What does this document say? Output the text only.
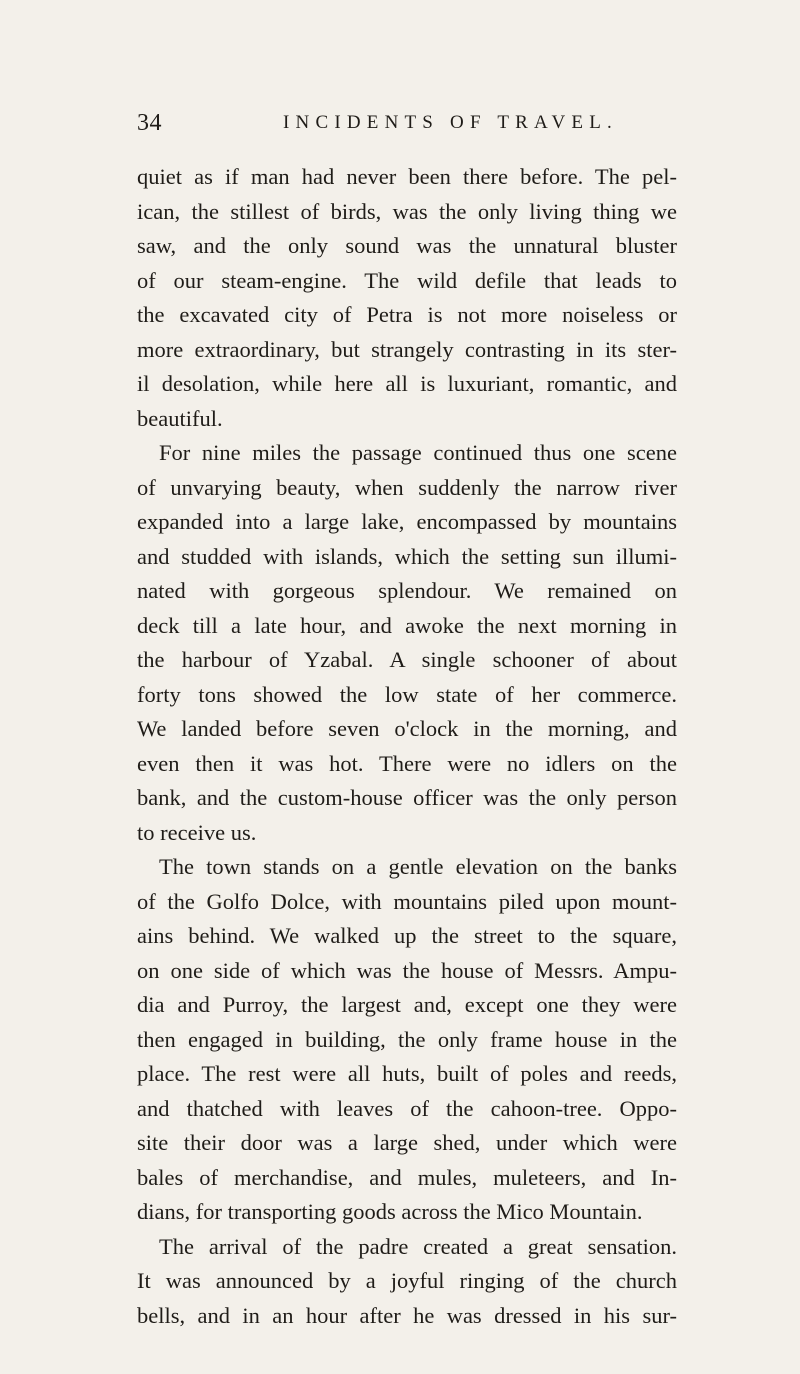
34	INCIDENTS OF TRAVEL.
quiet as if man had never been there before. The pel-
ican, the stillest of birds, was the only living thing we
saw, and the only sound was the unnatural bluster
of our steam-engine. The wild defile that leads to
the excavated city of Petra is not more noiseless or
more extraordinary, but strangely contrasting in its ster-
il desolation, while here all is luxuriant, romantic, and
beautiful.
For nine miles the passage continued thus one scene
of unvarying beauty, when suddenly the narrow river
expanded into a large lake, encompassed by mountains
and studded with islands, which the setting sun illumi-
nated with gorgeous splendour. We remained on
deck till a late hour, and awoke the next morning in
the harbour of Yzabal. A single schooner of about
forty tons showed the low state of her commerce.
We landed before seven o'clock in the morning, and
even then it was hot. There were no idlers on the
bank, and the custom-house officer was the only person
to receive us.
The town stands on a gentle elevation on the banks
of the Golfo Dolce, with mountains piled upon mount-
ains behind. We walked up the street to the square,
on one side of which was the house of Messrs. Ampu-
dia and Purroy, the largest and, except one they were
then engaged in building, the only frame house in the
place. The rest were all huts, built of poles and reeds,
and thatched with leaves of the cahoon-tree. Oppo-
site their door was a large shed, under which were
bales of merchandise, and mules, muleteers, and In-
dians, for transporting goods across the Mico Mountain.
The arrival of the padre created a great sensation.
It was announced by a joyful ringing of the church
bells, and in an hour after he was dressed in his sur-
